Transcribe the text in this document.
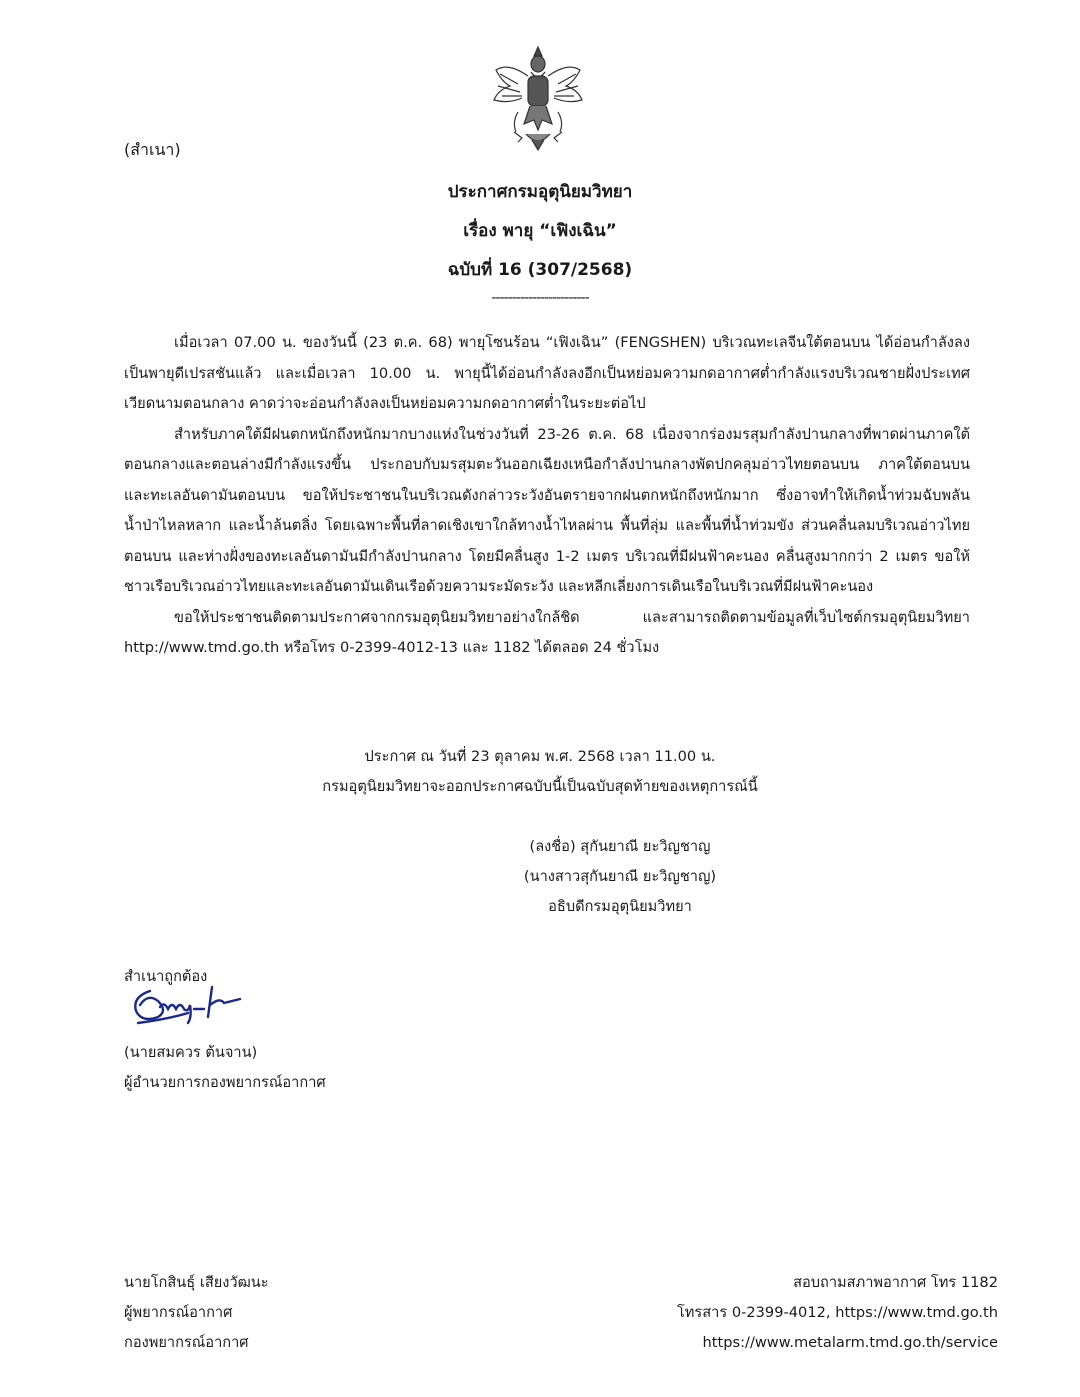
(สำเนา)
ประกาศกรมอุตุนิยมวิทยา
เรื่อง พายุ “เฟิงเฉิน”
ฉบับที่ 16 (307/2568)
------------------------

เมื่อเวลา 07.00 น. ของวันนี้ (23 ต.ค. 68) พายุโซนร้อน “เฟิงเฉิน” (FENGSHEN) บริเวณทะเลจีนใต้ตอนบน ได้อ่อนกำลังลงเป็นพายุดีเปรสชันแล้ว และเมื่อเวลา 10.00 น. พายุนี้ได้อ่อนกำลังลงอีกเป็นหย่อมความกดอากาศต่ำกำลังแรงบริเวณชายฝั่งประเทศเวียดนามตอนกลาง คาดว่าจะอ่อนกำลังลงเป็นหย่อมความกดอากาศต่ำในระยะต่อไป

สำหรับภาคใต้มีฝนตกหนักถึงหนักมากบางแห่งในช่วงวันที่ 23-26 ต.ค. 68 เนื่องจากร่องมรสุมกำลังปานกลางที่พาดผ่านภาคใต้ตอนกลางและตอนล่างมีกำลังแรงขึ้น ประกอบกับมรสุมตะวันออกเฉียงเหนือกำลังปานกลางพัดปกคลุมอ่าวไทยตอนบน ภาคใต้ตอนบน และทะเลอันดามันตอนบน ขอให้ประชาชนในบริเวณดังกล่าวระวังอันตรายจากฝนตกหนักถึงหนักมาก ซึ่งอาจทำให้เกิดน้ำท่วมฉับพลัน น้ำป่าไหลหลาก และน้ำล้นตลิ่ง โดยเฉพาะพื้นที่ลาดเชิงเขาใกล้ทางน้ำไหลผ่าน พื้นที่ลุ่ม และพื้นที่น้ำท่วมขัง ส่วนคลื่นลมบริเวณอ่าวไทยตอนบน และห่างฝั่งของทะเลอันดามันมีกำลังปานกลาง โดยมีคลื่นสูง 1-2 เมตร บริเวณที่มีฝนฟ้าคะนอง คลื่นสูงมากกว่า 2 เมตร ขอให้ชาวเรือบริเวณอ่าวไทยและทะเลอันดามันเดินเรือด้วยความระมัดระวัง และหลีกเลี่ยงการเดินเรือในบริเวณที่มีฝนฟ้าคะนอง

ขอให้ประชาชนติดตามประกาศจากกรมอุตุนิยมวิทยาอย่างใกล้ชิด และสามารถติดตามข้อมูลที่เว็บไซต์กรมอุตุนิยมวิทยา http://www.tmd.go.th หรือโทร 0-2399-4012-13 และ 1182 ได้ตลอด 24 ชั่วโมง

ประกาศ ณ วันที่ 23 ตุลาคม พ.ศ. 2568 เวลา 11.00 น.
กรมอุตุนิยมวิทยาจะออกประกาศฉบับนี้เป็นฉบับสุดท้ายของเหตุการณ์นี้
(ลงชื่อ) สุกันยาณี ยะวิญชาญ
(นางสาวสุกันยาณี ยะวิญชาญ)
อธิบดีกรมอุตุนิยมวิทยา
สำเนาถูกต้อง
(นายสมควร ต้นจาน)
ผู้อำนวยการกองพยากรณ์อากาศ
นายโกสินธุ์ เสียงวัฒนะ
ผู้พยากรณ์อากาศ
กองพยากรณ์อากาศ
สอบถามสภาพอากาศ โทร 1182
โทรสาร 0-2399-4012, https://www.tmd.go.th
https://www.metalarm.tmd.go.th/service
